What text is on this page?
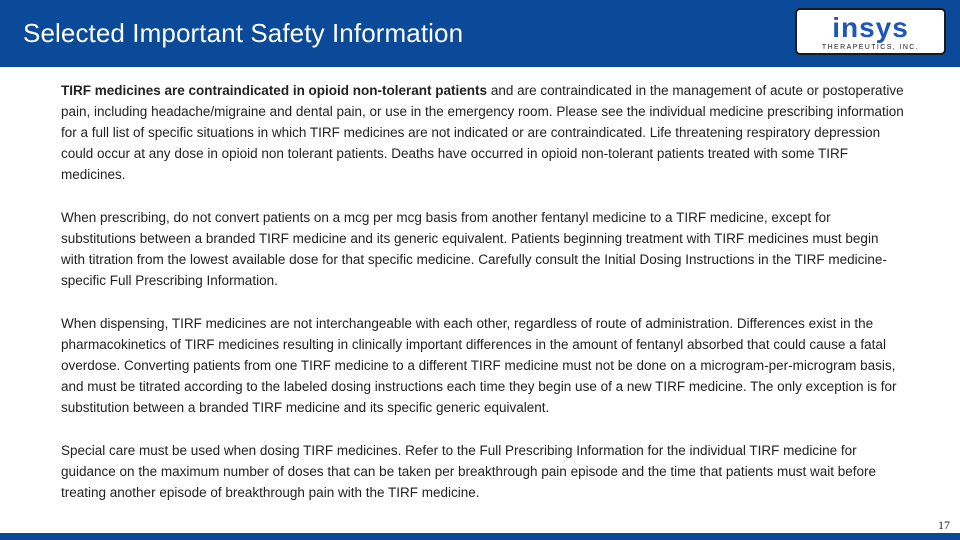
Selected Important Safety Information	insys
THERAPEUTICS, INC.

TIRF medicines are contraindicated in opioid non-tolerant patients and are contraindicated in the management of acute or postoperative pain, including headache/migraine and dental pain, or use in the emergency room. Please see the individual medicine prescribing information for a full list of specific situations in which TIRF medicines are not indicated or are contraindicated. Life threatening respiratory depression could occur at any dose in opioid non tolerant patients. Deaths have occurred in opioid non-tolerant patients treated with some TIRF medicines.

When prescribing, do not convert patients on a mcg per mcg basis from another fentanyl medicine to a TIRF medicine, except for substitutions between a branded TIRF medicine and its generic equivalent. Patients beginning treatment with TIRF medicines must begin with titration from the lowest available dose for that specific medicine. Carefully consult the Initial Dosing Instructions in the TIRF medicine-specific Full Prescribing Information.

When dispensing, TIRF medicines are not interchangeable with each other, regardless of route of administration. Differences exist in the pharmacokinetics of TIRF medicines resulting in clinically important differences in the amount of fentanyl absorbed that could cause a fatal overdose. Converting patients from one TIRF medicine to a different TIRF medicine must not be done on a microgram-per-microgram basis, and must be titrated according to the labeled dosing instructions each time they begin use of a new TIRF medicine. The only exception is for substitution between a branded TIRF medicine and its specific generic equivalent.

Special care must be used when dosing TIRF medicines. Refer to the Full Prescribing Information for the individual TIRF medicine for guidance on the maximum number of doses that can be taken per breakthrough pain episode and the time that patients must wait before treating another episode of breakthrough pain with the TIRF medicine.

17
